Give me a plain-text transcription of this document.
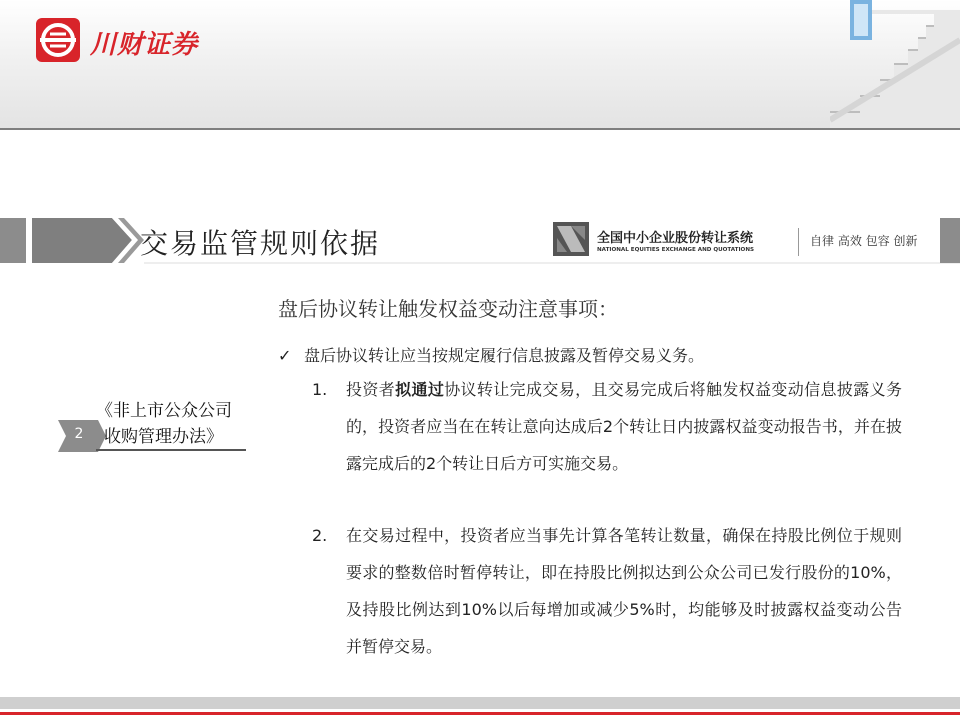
川财证券
交易监管规则依据	全国中小企业股份转让系统
NATIONAL EQUITIES EXCHANGE AND QUOTATIONS
自律 高效 包容 创新
2
《非上市公众公司
收购管理办法》
盘后协议转让触发权益变动注意事项：
✓ 盘后协议转让应当按规定履行信息披露及暂停交易义务。
1.	投资者拟通过协议转让完成交易，且交易完成后将触发权益变动信息披露义务的，投资者应当在在转让意向达成后2个转让日内披露权益变动报告书，并在披露完成后的2个转让日后方可实施交易。
2.	在交易过程中，投资者应当事先计算各笔转让数量，确保在持股比例位于规则要求的整数倍时暂停转让，即在持股比例拟达到公众公司已发行股份的10%，及持股比例达到10%以后每增加或减少5%时，均能够及时披露权益变动公告并暂停交易。
